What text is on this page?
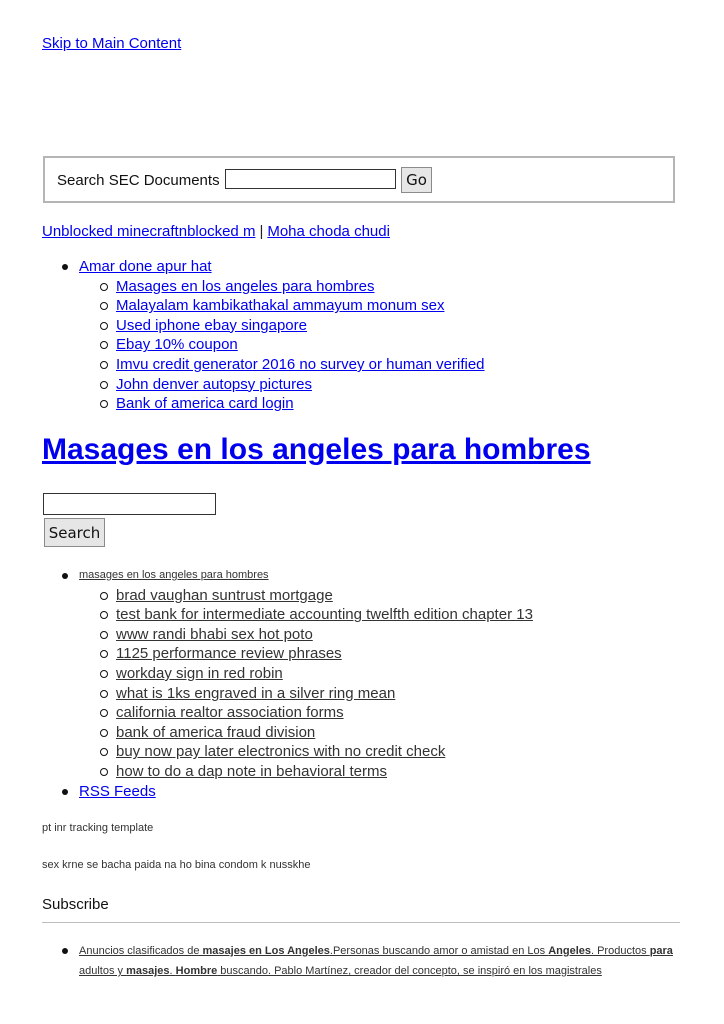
Skip to Main Content
Search SEC Documents	Go
Unblocked minecraftnblocked m | Moha choda chudi
Amar done apur hat
Masages en los angeles para hombres
Malayalam kambikathakal ammayum monum sex
Used iphone ebay singapore
Ebay 10% coupon
Imvu credit generator 2016 no survey or human verified
John denver autopsy pictures
Bank of america card login
Masages en los angeles para hombres
Search
masages en los angeles para hombres
brad vaughan suntrust mortgage
test bank for intermediate accounting twelfth edition chapter 13
www randi bhabi sex hot poto
1125 performance review phrases
workday sign in red robin
what is 1ks engraved in a silver ring mean
california realtor association forms
bank of america fraud division
buy now pay later electronics with no credit check
how to do a dap note in behavioral terms
RSS Feeds
pt inr tracking template
sex krne se bacha paida na ho bina condom k nusskhe
Subscribe
Anuncios clasificados de masajes en Los Angeles.Personas buscando amor o amistad en Los Angeles. Productos para adultos y masajes. Hombre buscando. Pablo Martínez, creador del concepto, se inspiró en los magistrales
